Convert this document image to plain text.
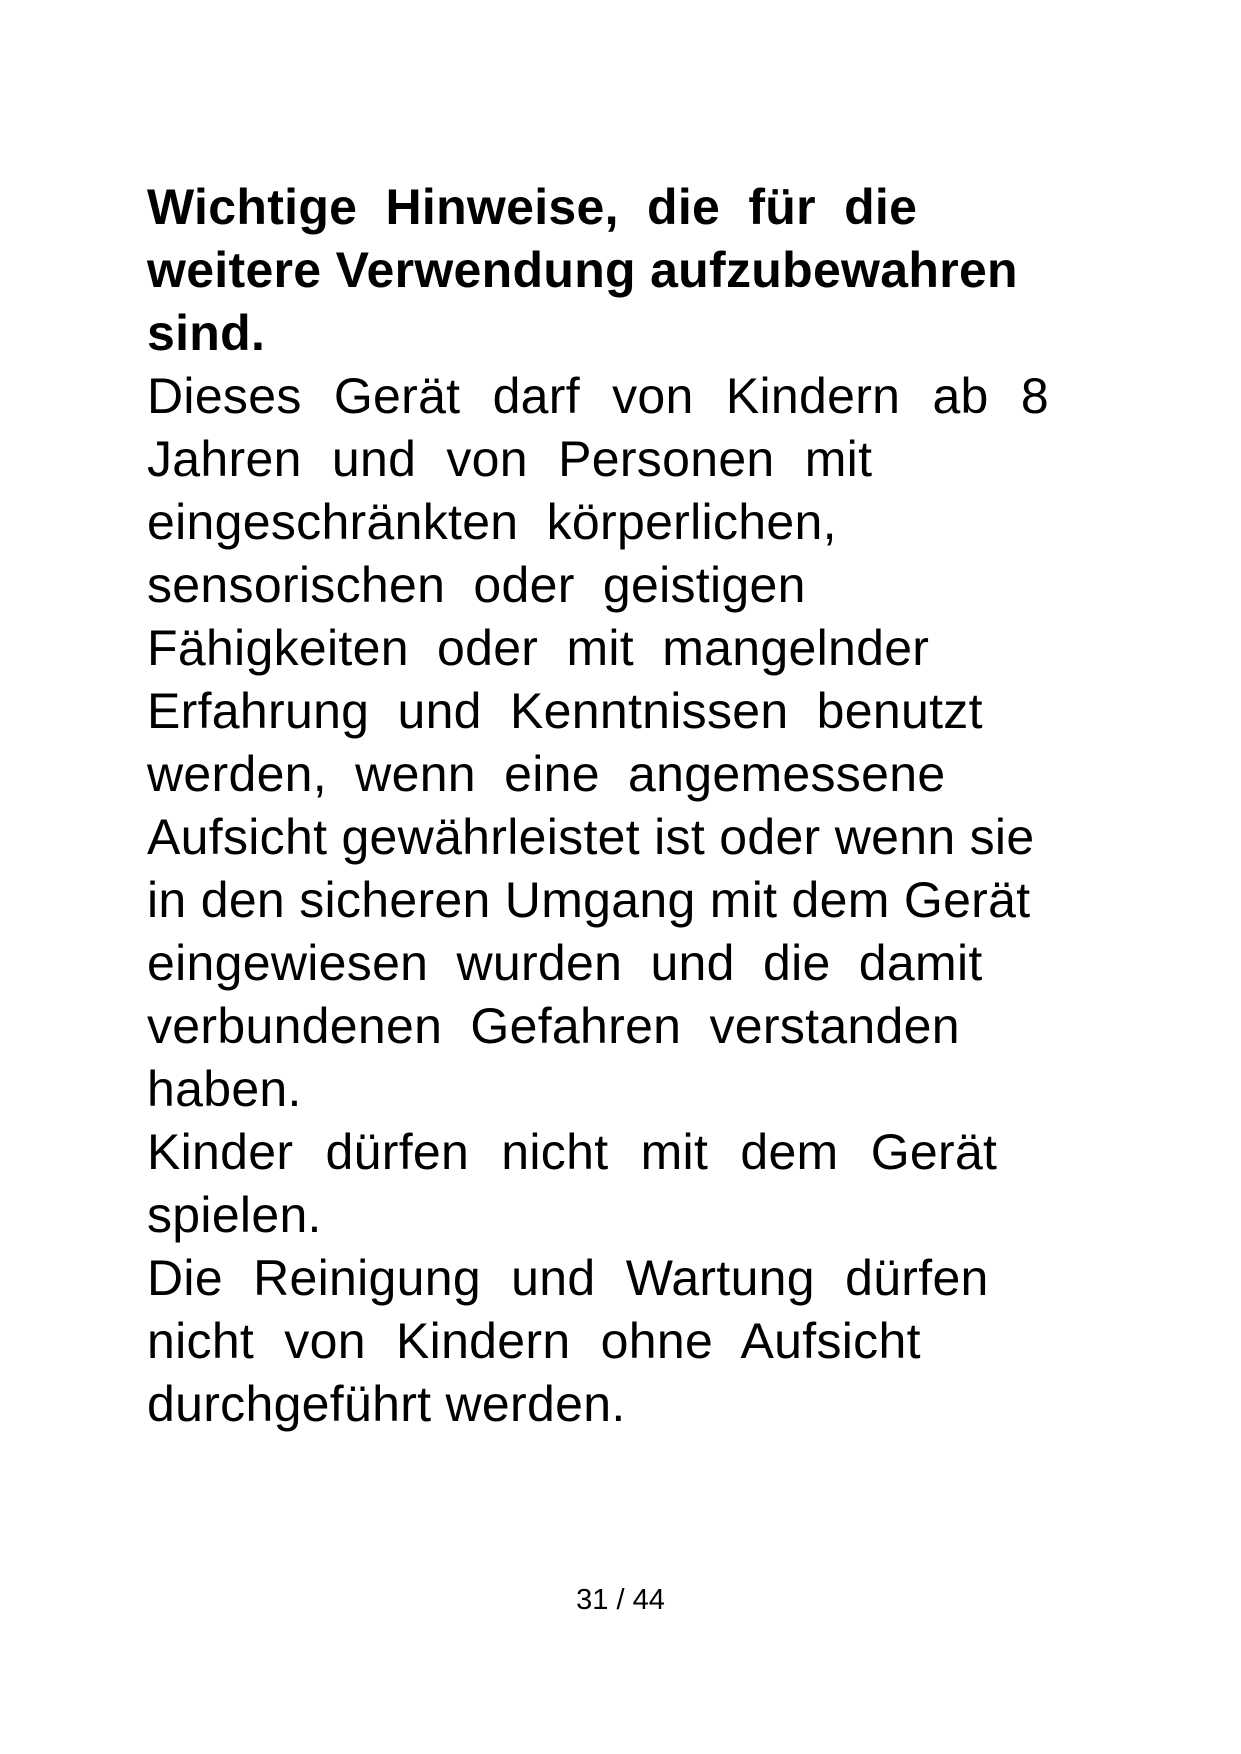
Wichtige Hinweise, die für die
weitere Verwendung aufzubewahren
sind.

Dieses Gerät darf von Kindern ab 8
Jahren und von Personen mit
eingeschränkten körperlichen,
sensorischen oder geistigen
Fähigkeiten oder mit mangelnder
Erfahrung und Kenntnissen benutzt
werden, wenn eine angemessene
Aufsicht gewährleistet ist oder wenn sie
in den sicheren Umgang mit dem Gerät
eingewiesen wurden und die damit
verbundenen Gefahren verstanden
haben.

Kinder dürfen nicht mit dem Gerät
spielen.

Die Reinigung und Wartung dürfen
nicht von Kindern ohne Aufsicht
durchgeführt werden.

31 / 44
